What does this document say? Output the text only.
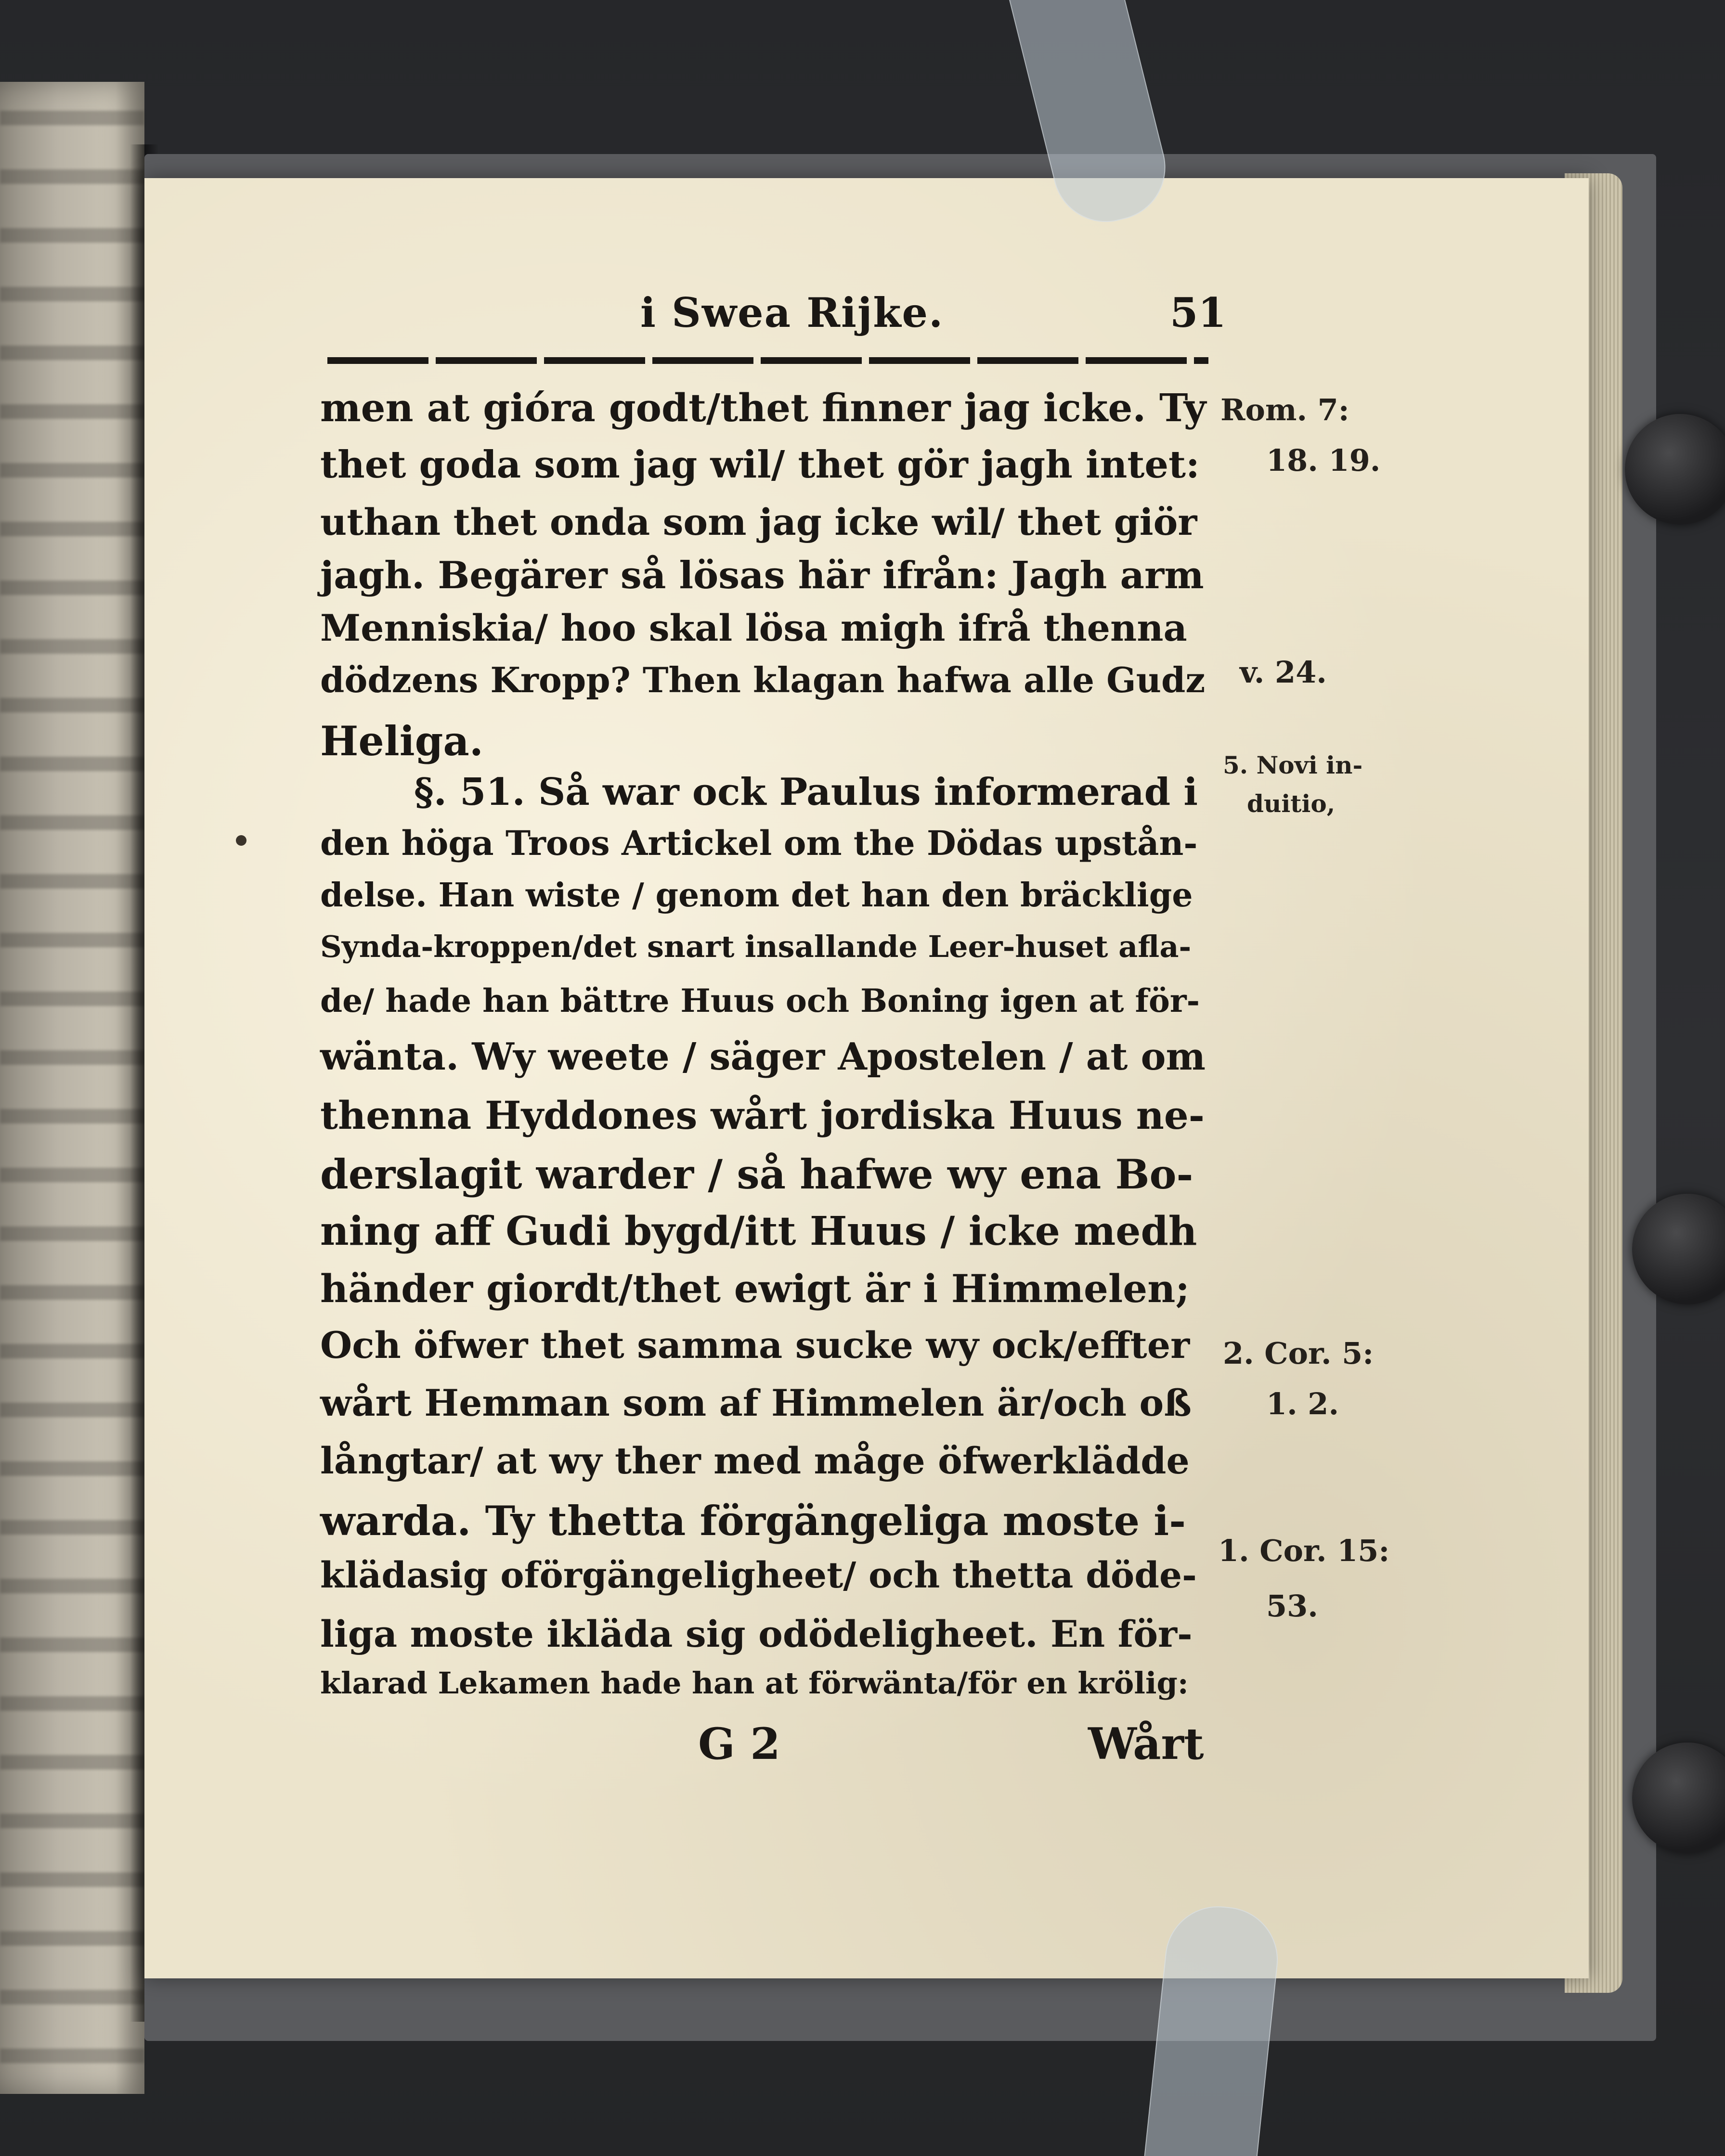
i Swea Rijke.	51
men at gióra godt/thet finner jag icke. Ty
thet goda som jag wil/ thet gör jagh intet:
uthan thet onda som jag icke wil/ thet giör
jagh. Begärer så lösas här ifrån: Jagh arm
Menniskia/ hoo skal lösa migh ifrå thenna
dödzens Kropp? Then klagan hafwa alle Gudz
Heliga.
§. 51. Så war ock Paulus informerad i
den höga Troos Artickel om the Dödas upstån-
delse. Han wiste / genom det han den bräcklige
Synda-kroppen/det snart insallande Leer-huset afla-
de/ hade han bättre Huus och Boning igen at för-
wänta. Wy weete / säger Apostelen / at om
thenna Hyddones wårt jordiska Huus ne-
derslagit warder / så hafwe wy ena Bo-
ning aff Gudi bygd/itt Huus / icke medh
händer giordt/thet ewigt är i Himmelen;
Och öfwer thet samma sucke wy ock/effter
wårt Hemman som af Himmelen är/och oß
långtar/ at wy ther med måge öfwerklädde
warda. Ty thetta förgängeliga moste i-
klädasig oförgängeligheet/ och thetta döde-
liga moste ikläda sig odödeligheet. En för-
klarad Lekamen hade han at förwänta/för en krölig:
G 2	Wårt
Rom. 7:
18. 19.
v. 24.
5. Novi in-
duitio,
2. Cor. 5:
1. 2.
1. Cor. 15:
53.
